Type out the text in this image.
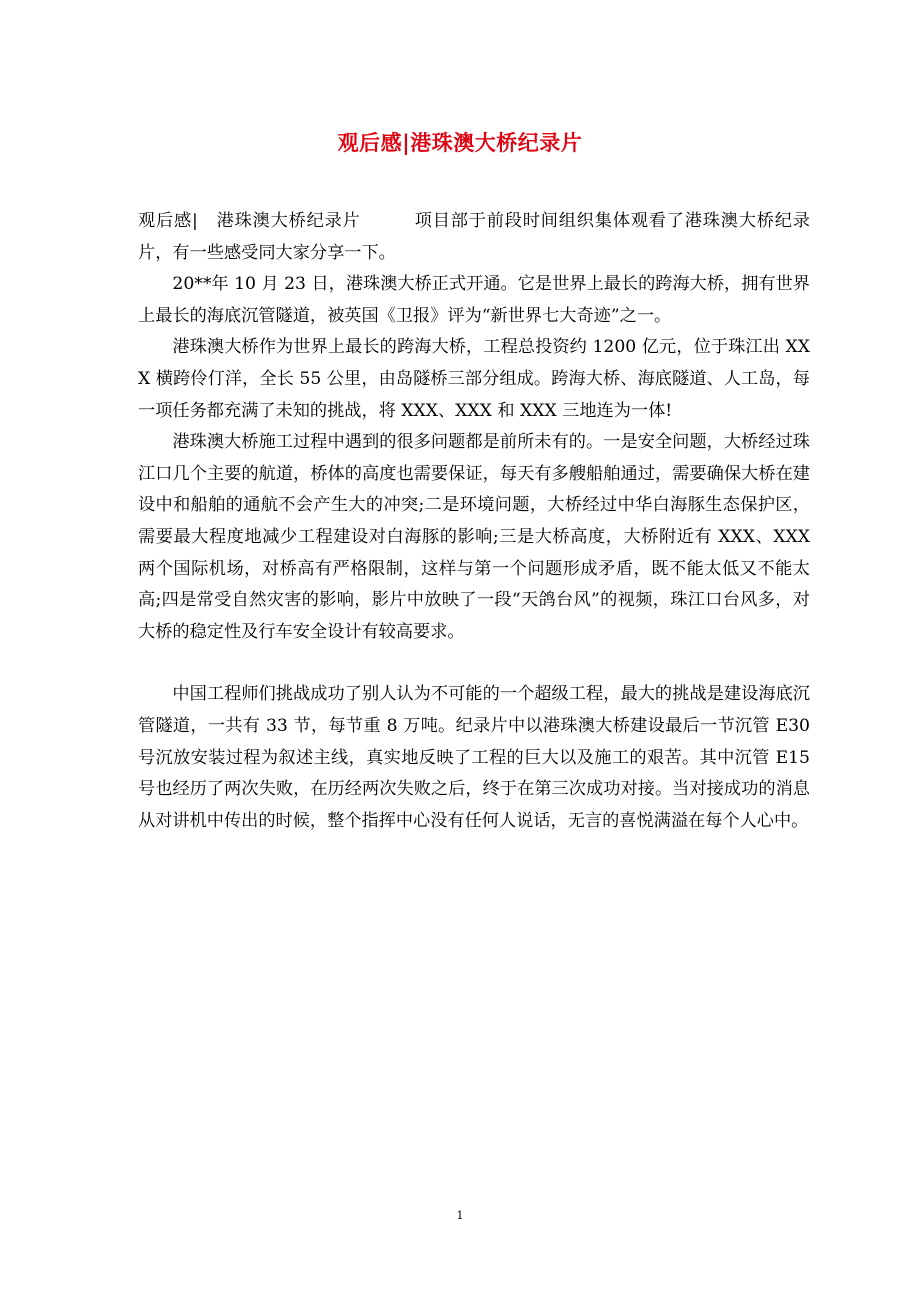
观后感|港珠澳大桥纪录片

观后感|　港珠澳大桥纪录片　　　项目部于前段时间组织集体观看了港珠澳大桥纪录片，有一些感受同大家分享一下。

20**年 10 月 23 日，港珠澳大桥正式开通。它是世界上最长的跨海大桥，拥有世界上最长的海底沉管隧道，被英国《卫报》评为“新世界七大奇迹”之一。

港珠澳大桥作为世界上最长的跨海大桥，工程总投资约 1200 亿元，位于珠江出 XXX 横跨伶仃洋，全长 55 公里，由岛隧桥三部分组成。跨海大桥、海底隧道、人工岛，每一项任务都充满了未知的挑战，将 XXX、XXX 和 XXX 三地连为一体!

港珠澳大桥施工过程中遇到的很多问题都是前所未有的。一是安全问题，大桥经过珠江口几个主要的航道，桥体的高度也需要保证，每天有多艘船舶通过，需要确保大桥在建设中和船舶的通航不会产生大的冲突;二是环境问题，大桥经过中华白海豚生态保护区，需要最大程度地减少工程建设对白海豚的影响;三是大桥高度，大桥附近有 XXX、XXX 两个国际机场，对桥高有严格限制，这样与第一个问题形成矛盾，既不能太低又不能太高;四是常受自然灾害的影响，影片中放映了一段“天鸽台风”的视频，珠江口台风多，对大桥的稳定性及行车安全设计有较高要求。

中国工程师们挑战成功了别人认为不可能的一个超级工程，最大的挑战是建设海底沉管隧道，一共有 33 节，每节重 8 万吨。纪录片中以港珠澳大桥建设最后一节沉管 E30 号沉放安装过程为叙述主线，真实地反映了工程的巨大以及施工的艰苦。其中沉管 E15 号也经历了两次失败，在历经两次失败之后，终于在第三次成功对接。当对接成功的消息从对讲机中传出的时候，整个指挥中心没有任何人说话，无言的喜悦满溢在每个人心中。

1
